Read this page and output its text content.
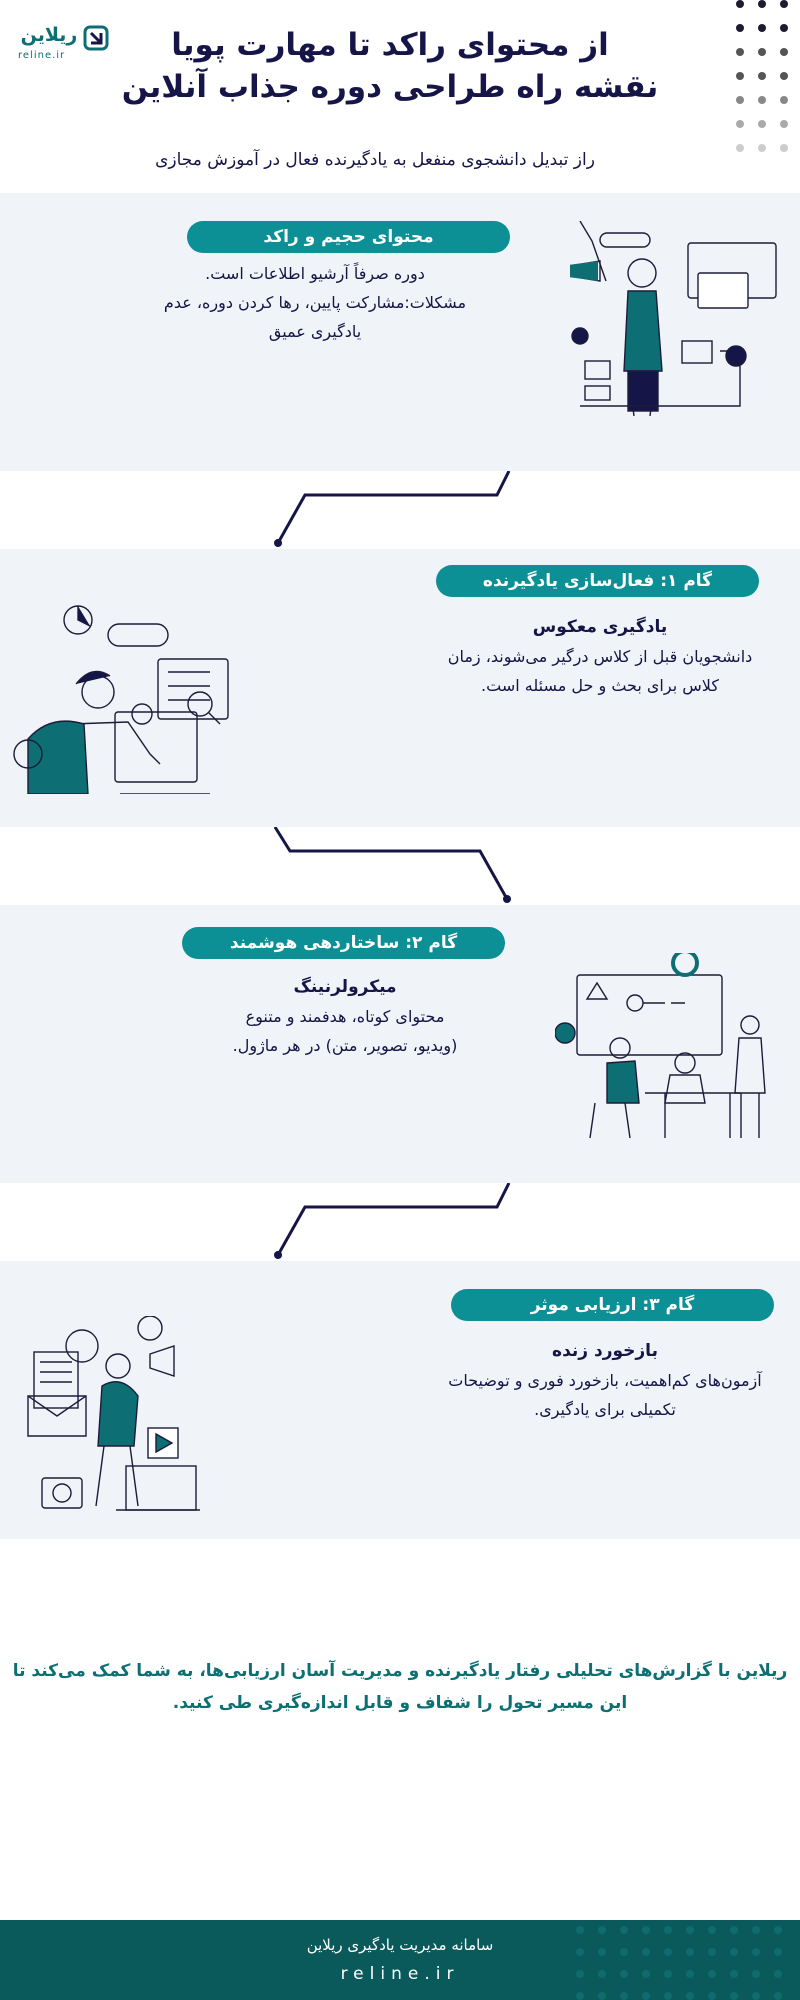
ریلاین
reline.ir	از محتوای راکد تا مهارت پویا
نقشه راه طراحی دوره جذاب آنلاین
راز تبدیل دانشجوی منفعل به یادگیرنده فعال در آموزش مجازی
محتوای حجیم و راکد
دوره صرفاً آرشیو اطلاعات است.
مشکلات:مشارکت پایین، رها کردن دوره، عدم
یادگیری عمیق
گام ۱: فعال‌سازی یادگیرنده
یادگیری معکوس
دانشجویان قبل از کلاس درگیر می‌شوند، زمان
کلاس برای بحث و حل مسئله است.
گام ۲: ساختاردهی هوشمند
میکرولرنینگ
محتوای کوتاه، هدفمند و متنوع
(ویدیو، تصویر، متن) در هر ماژول.
گام ۳: ارزیابی موثر
بازخورد زنده
آزمون‌های کم‌اهمیت، بازخورد فوری و توضیحات
تکمیلی برای یادگیری.
ریلاین با گزارش‌های تحلیلی رفتار یادگیرنده و مدیریت آسان ارزیابی‌ها، به شما کمک می‌کند تا
این مسیر تحول را شفاف و قابل اندازه‌گیری طی کنید.
سامانه مدیریت یادگیری ریلاین
reline.ir
